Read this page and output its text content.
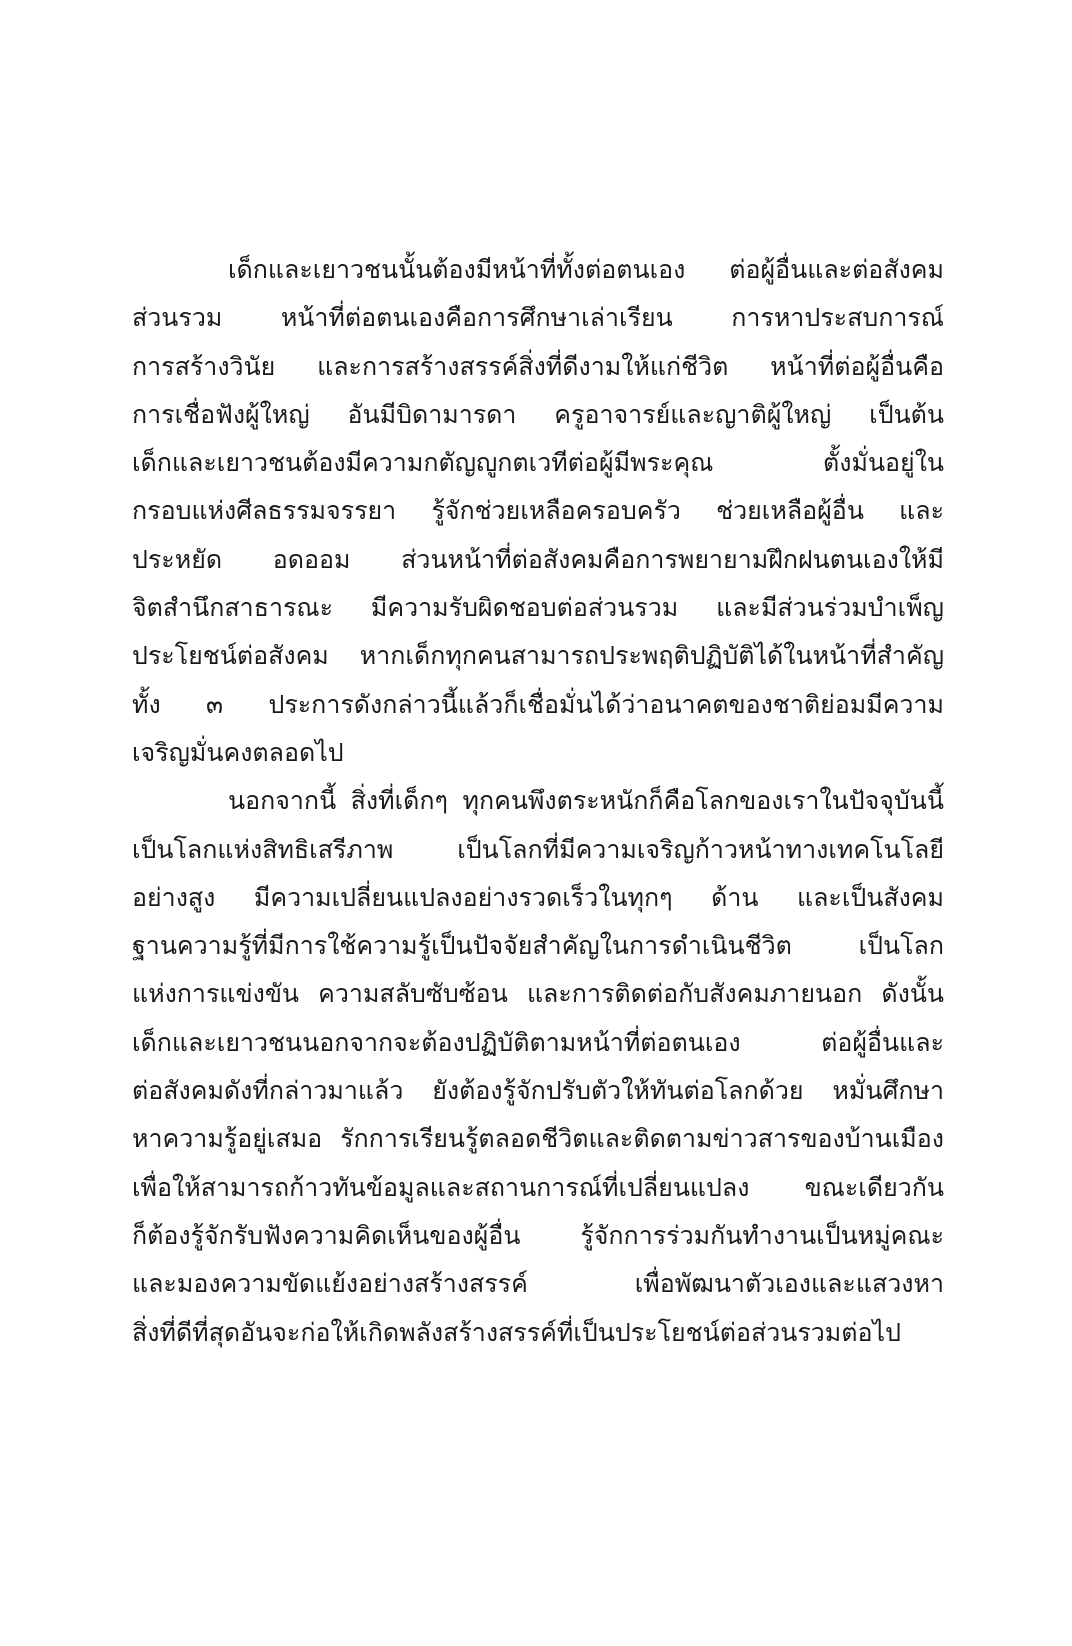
เด็กและเยาวชนนั้นต้องมีหน้าที่ทั้งต่อตนเอง ต่อผู้อื่นและต่อสังคม
ส่วนรวม หน้าที่ต่อตนเองคือการศึกษาเล่าเรียน การหาประสบการณ์
การสร้างวินัย และการสร้างสรรค์สิ่งที่ดีงามให้แก่ชีวิต หน้าที่ต่อผู้อื่นคือ
การเชื่อฟังผู้ใหญ่ อันมีบิดามารดา ครูอาจารย์และญาติผู้ใหญ่ เป็นต้น
เด็กและเยาวชนต้องมีความกตัญญูกตเวทีต่อผู้มีพระคุณ ตั้งมั่นอยู่ใน
กรอบแห่งศีลธรรมจรรยา รู้จักช่วยเหลือครอบครัว ช่วยเหลือผู้อื่น และ
ประหยัด อดออม ส่วนหน้าที่ต่อสังคมคือการพยายามฝึกฝนตนเองให้มี
จิตสำนึกสาธารณะ มีความรับผิดชอบต่อส่วนรวม และมีส่วนร่วมบำเพ็ญ
ประโยชน์ต่อสังคม หากเด็กทุกคนสามารถประพฤติปฏิบัติได้ในหน้าที่สำคัญ
ทั้ง ๓ ประการดังกล่าวนี้แล้วก็เชื่อมั่นได้ว่าอนาคตของชาติย่อมมีความ
เจริญมั่นคงตลอดไป
นอกจากนี้ สิ่งที่เด็กๆ ทุกคนพึงตระหนักก็คือโลกของเราในปัจจุบันนี้
เป็นโลกแห่งสิทธิเสรีภาพ เป็นโลกที่มีความเจริญก้าวหน้าทางเทคโนโลยี
อย่างสูง มีความเปลี่ยนแปลงอย่างรวดเร็วในทุกๆ ด้าน และเป็นสังคม
ฐานความรู้ที่มีการใช้ความรู้เป็นปัจจัยสำคัญในการดำเนินชีวิต เป็นโลก
แห่งการแข่งขัน ความสลับซับซ้อน และการติดต่อกับสังคมภายนอก ดังนั้น
เด็กและเยาวชนนอกจากจะต้องปฏิบัติตามหน้าที่ต่อตนเอง ต่อผู้อื่นและ
ต่อสังคมดังที่กล่าวมาแล้ว ยังต้องรู้จักปรับตัวให้ทันต่อโลกด้วย หมั่นศึกษา
หาความรู้อยู่เสมอ รักการเรียนรู้ตลอดชีวิตและติดตามข่าวสารของบ้านเมือง
เพื่อให้สามารถก้าวทันข้อมูลและสถานการณ์ที่เปลี่ยนแปลง ขณะเดียวกัน
ก็ต้องรู้จักรับฟังความคิดเห็นของผู้อื่น รู้จักการร่วมกันทำงานเป็นหมู่คณะ
และมองความขัดแย้งอย่างสร้างสรรค์ เพื่อพัฒนาตัวเองและแสวงหา
สิ่งที่ดีที่สุดอันจะก่อให้เกิดพลังสร้างสรรค์ที่เป็นประโยชน์ต่อส่วนรวมต่อไป
